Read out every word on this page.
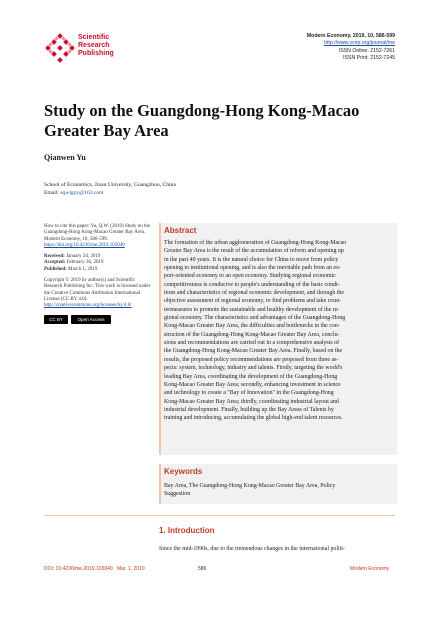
Scientific
Research
Publishing
Modern Economy, 2019, 10, 586-599
http://www.scirp.org/journal/me
ISSN Online: 2152-7261
ISSN Print: 2152-7245
Study on the Guangdong-Hong Kong-Macao
Greater Bay Area
Qianwen Yu
School of Economics, Jinan University, Guangzhou, China
Email: sqwlgzy@163.com

How to cite this paper: Yu, Q.W. (2019) Study on the Guangdong-Hong Kong-Macao Greater Bay Area. Modern Economy, 10, 586-599.
https://doi.org/10.4236/me.2019.103040

Received: January 24, 2019
Accepted: February 26, 2019
Published: March 1, 2019

Copyright © 2019 by author(s) and Scientific Research Publishing Inc. This work is licensed under the Creative Commons Attribution International License (CC BY 4.0).
http://creativecommons.org/licenses/by/4.0/

CC BY	Open Access
Abstract
The formation of the urban agglomeration of Guangdong-Hong Kong-Macao
Greater Bay Area is the result of the accumulation of reform and opening up
in the past 40 years. It is the natural choice for China to move from policy
opening to institutional opening, and is also the inevitable path from an ex-
port-oriented economy to an open economy. Studying regional economic
competitiveness is conducive to people's understanding of the basic condi-
tions and characteristics of regional economic development, and through the
objective assessment of regional economy, to find problems and take coun-
termeasures to promote the sustainable and healthy development of the re-
gional economy. The characteristics and advantages of the Guangdong-Hong
Kong-Macao Greater Bay Area, the difficulties and bottlenecks in the con-
struction of the Guangdong-Hong Kong-Macao Greater Bay Area, conclu-
sions and recommendations are carried out in a comprehensive analysis of
the Guangdong-Hong Kong-Macao Greater Bay Area. Finally, based on the
results, the proposed policy recommendations are proposed from three as-
pects: system, technology, industry and talents. Firstly, targeting the world's
leading Bay Area, coordinating the development of the Guangdong-Hong
Kong-Macao Greater Bay Area; secondly, enhancing investment in science
and technology to create a "Bay of Innovation" in the Guangdong-Hong
Kong-Macao Greater Bay Area; thirdly, coordinating industrial layout and
industrial development. Finally, building up the Bay Areas of Talents by
training and introducing, accumulating the global high-end talent resources.
Keywords
Bay Area, The Guangdong-Hong Kong-Macao Greater Bay Area, Policy
Suggestion
1. Introduction
Since the mid-1990s, due to the tremendous changes in the international politi-
DOI: 10.4236/me.2019.103040 Mar. 1, 2019	586	Modern Economy
